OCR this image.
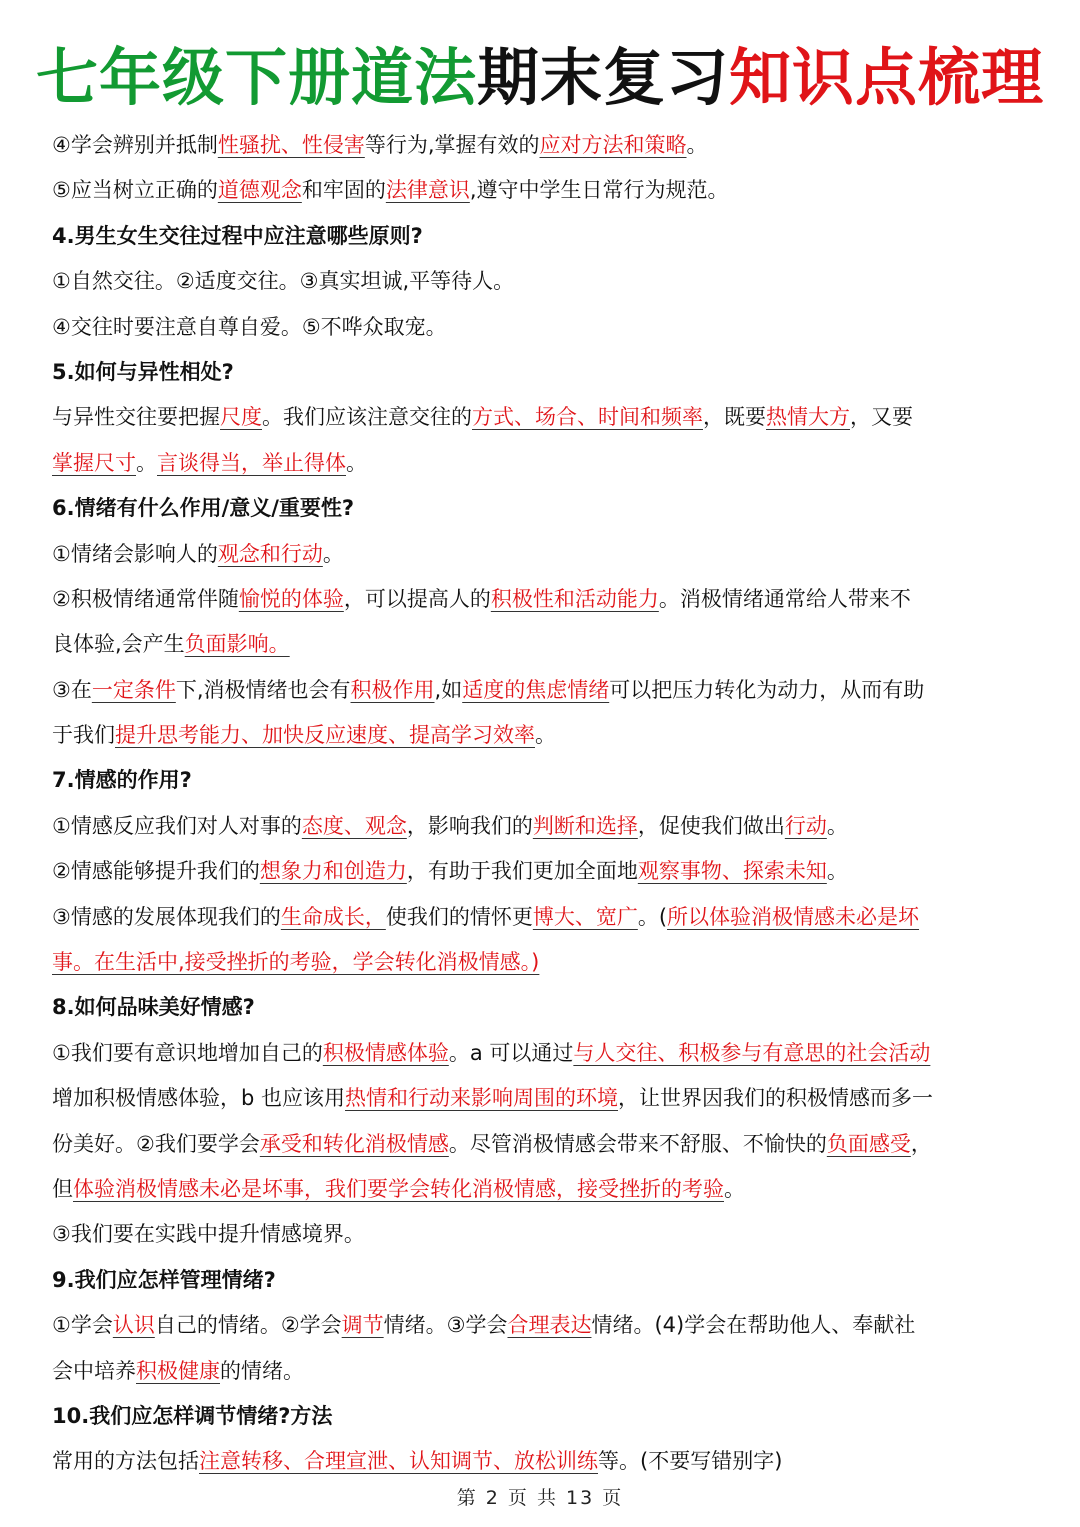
七年级下册道法期末复习知识点梳理
④学会辨别并抵制性骚扰、性侵害等行为,掌握有效的应对方法和策略。
⑤应当树立正确的道德观念和牢固的法律意识,遵守中学生日常行为规范。
4.男生女生交往过程中应注意哪些原则?
①自然交往。②适度交往。③真实坦诚,平等待人。
④交往时要注意自尊自爱。⑤不哗众取宠。
5.如何与异性相处?
与异性交往要把握尺度。我们应该注意交往的方式、场合、时间和频率，既要热情大方，又要
掌握尺寸。言谈得当，举止得体。
6.情绪有什么作用/意义/重要性?
①情绪会影响人的观念和行动。
②积极情绪通常伴随愉悦的体验，可以提高人的积极性和活动能力。消极情绪通常给人带来不
良体验,会产生负面影响。
③在一定条件下,消极情绪也会有积极作用,如适度的焦虑情绪可以把压力转化为动力，从而有助
于我们提升思考能力、加快反应速度、提高学习效率。
7.情感的作用?
①情感反应我们对人对事的态度、观念，影响我们的判断和选择，促使我们做出行动。
②情感能够提升我们的想象力和创造力，有助于我们更加全面地观察事物、探索未知。
③情感的发展体现我们的生命成长，使我们的情怀更博大、宽广。(所以体验消极情感未必是坏
事。在生活中,接受挫折的考验，学会转化消极情感。)
8.如何品味美好情感?
①我们要有意识地增加自己的积极情感体验。a 可以通过与人交往、积极参与有意思的社会活动
增加积极情感体验，b 也应该用热情和行动来影响周围的环境，让世界因我们的积极情感而多一
份美好。②我们要学会承受和转化消极情感。尽管消极情感会带来不舒服、不愉快的负面感受，
但体验消极情感未必是坏事，我们要学会转化消极情感，接受挫折的考验。
③我们要在实践中提升情感境界。
9.我们应怎样管理情绪?
①学会认识自己的情绪。②学会调节情绪。③学会合理表达情绪。(4)学会在帮助他人、奉献社
会中培养积极健康的情绪。
10.我们应怎样调节情绪?方法
常用的方法包括注意转移、合理宣泄、认知调节、放松训练等。(不要写错别字)
第 2 页 共 13 页
